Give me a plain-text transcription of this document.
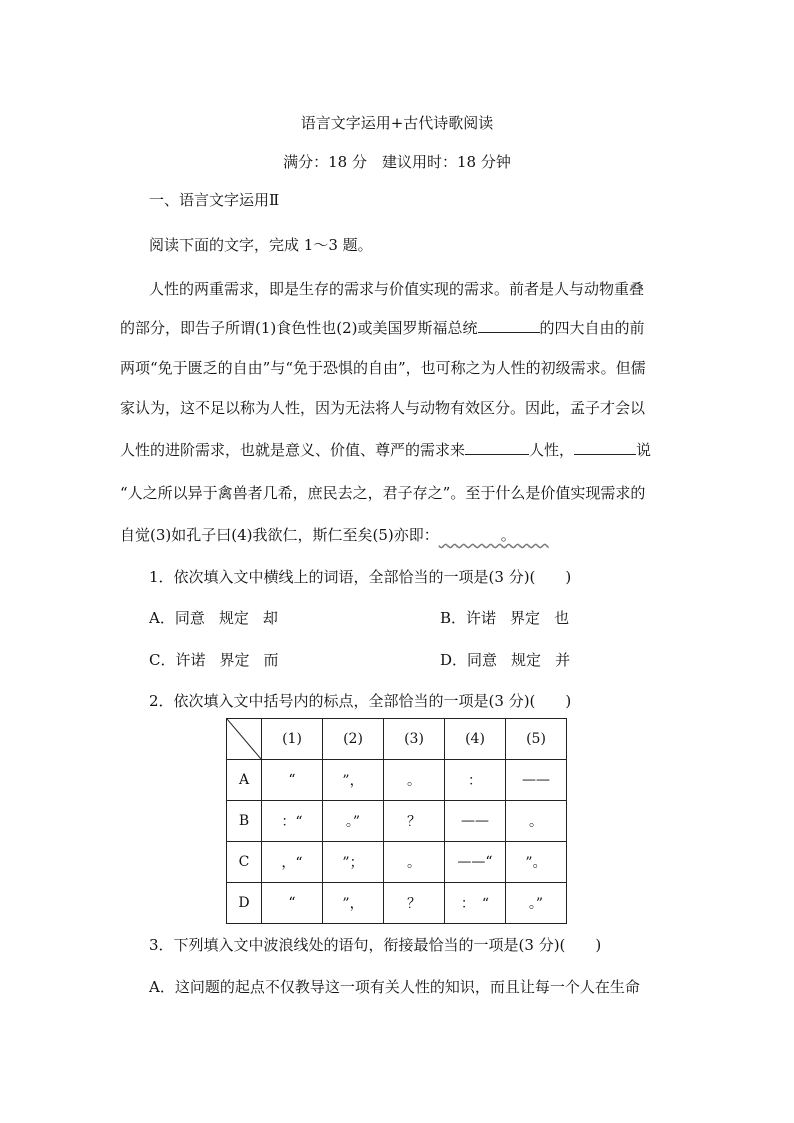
语言文字运用+古代诗歌阅读
满分：18 分　建议用时：18 分钟
一、语言文字运用Ⅱ
阅读下面的文字，完成 1～3 题。
人性的两重需求，即是生存的需求与价值实现的需求。前者是人与动物重叠
的部分，即告子所谓(1)食色性也(2)或美国罗斯福总统	的四大自由的前
两项“免于匮乏的自由”与“免于恐惧的自由”，也可称之为人性的初级需求。但儒
家认为，这不足以称为人性，因为无法将人与动物有效区分。因此，孟子才会以
人性的进阶需求，也就是意义、价值、尊严的需求来	人性，	说
“人之所以异于禽兽者几希，庶民去之，君子存之”。至于什么是价值实现需求的
自觉(3)如孔子曰(4)我欲仁，斯仁至矣(5)亦即：	。
1．依次填入文中横线上的词语，全部恰当的一项是(3 分)(　　)
A．同意 规定 却	B．许诺 界定 也
C．许诺 界定 而	D．同意 规定 并
2．依次填入文中括号内的标点，全部恰当的一项是(3 分)(　　)
	(1)	(2)	(3)	(4)	(5)
A	“	”，	。	：	——
B	：“	。”	？	——	。
C	，“	”；	。	——“	”。
D	“	”，	？	：　“	。”
3．下列填入文中波浪线处的语句，衔接最恰当的一项是(3 分)(　　)
A．这问题的起点不仅教导这一项有关人性的知识，而且让每一个人在生命
